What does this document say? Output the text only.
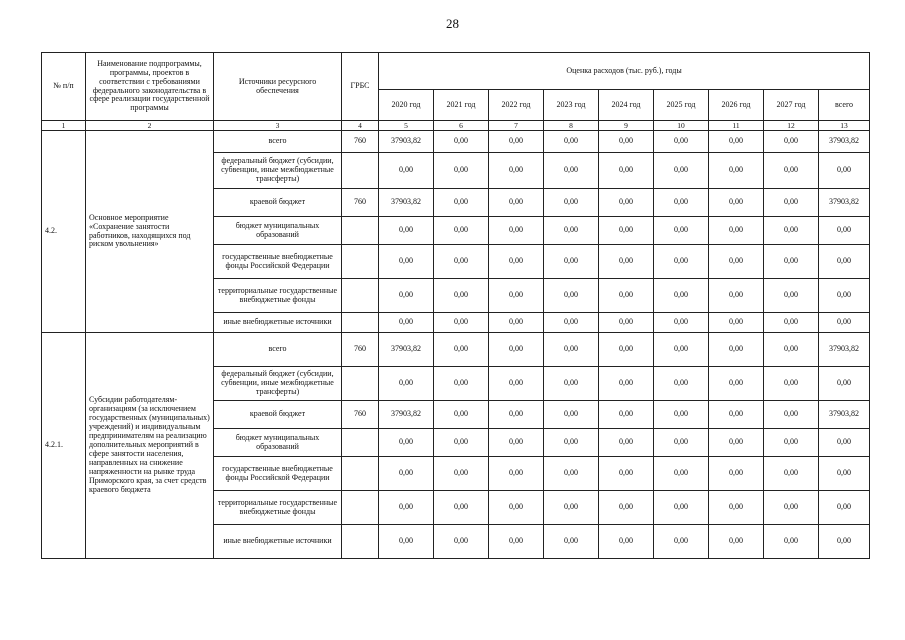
28
№ п/п	Наименование подпрограммы, программы, проектов в соответствии с требованиями федерального законодательства в сфере реализации государственной программы	Источники ресурсного обеспечения	ГРБС	Оценка расходов (тыс. руб.), годы								
				2020 год	2021 год	2022 год	2023 год	2024 год	2025 год	2026 год	2027 год	всего
1	2	3	4	5	6	7	8	9	10	11	12	13
4.2.	Основное мероприятие «Сохранение занятости работников, находящихся под риском увольнения»	всего	760	37903,82	0,00	0,00	0,00	0,00	0,00	0,00	0,00	37903,82
		федеральный бюджет (субсидии, субвенции, иные межбюджетные трансферты)		0,00	0,00	0,00	0,00	0,00	0,00	0,00	0,00	0,00
		краевой бюджет	760	37903,82	0,00	0,00	0,00	0,00	0,00	0,00	0,00	37903,82
		бюджет муниципальных образований		0,00	0,00	0,00	0,00	0,00	0,00	0,00	0,00	0,00
		государственные внебюджетные фонды Российской Федерации		0,00	0,00	0,00	0,00	0,00	0,00	0,00	0,00	0,00
		территориальные государственные внебюджетные фонды		0,00	0,00	0,00	0,00	0,00	0,00	0,00	0,00	0,00
		иные внебюджетные источники		0,00	0,00	0,00	0,00	0,00	0,00	0,00	0,00	0,00
4.2.1.	Субсидии работодателям-организациям (за исключением государственных (муниципальных) учреждений) и индивидуальным предпринимателям на реализацию дополнительных мероприятий в сфере занятости населения, направленных на снижение напряженности на рынке труда Приморского края, за счет средств краевого бюджета	всего	760	37903,82	0,00	0,00	0,00	0,00	0,00	0,00	0,00	37903,82
		федеральный бюджет (субсидии, субвенции, иные межбюджетные трансферты)		0,00	0,00	0,00	0,00	0,00	0,00	0,00	0,00	0,00
		краевой бюджет	760	37903,82	0,00	0,00	0,00	0,00	0,00	0,00	0,00	37903,82
		бюджет муниципальных образований		0,00	0,00	0,00	0,00	0,00	0,00	0,00	0,00	0,00
		государственные внебюджетные фонды Российской Федерации		0,00	0,00	0,00	0,00	0,00	0,00	0,00	0,00	0,00
		территориальные государственные внебюджетные фонды		0,00	0,00	0,00	0,00	0,00	0,00	0,00	0,00	0,00
		иные внебюджетные источники		0,00	0,00	0,00	0,00	0,00	0,00	0,00	0,00	0,00
